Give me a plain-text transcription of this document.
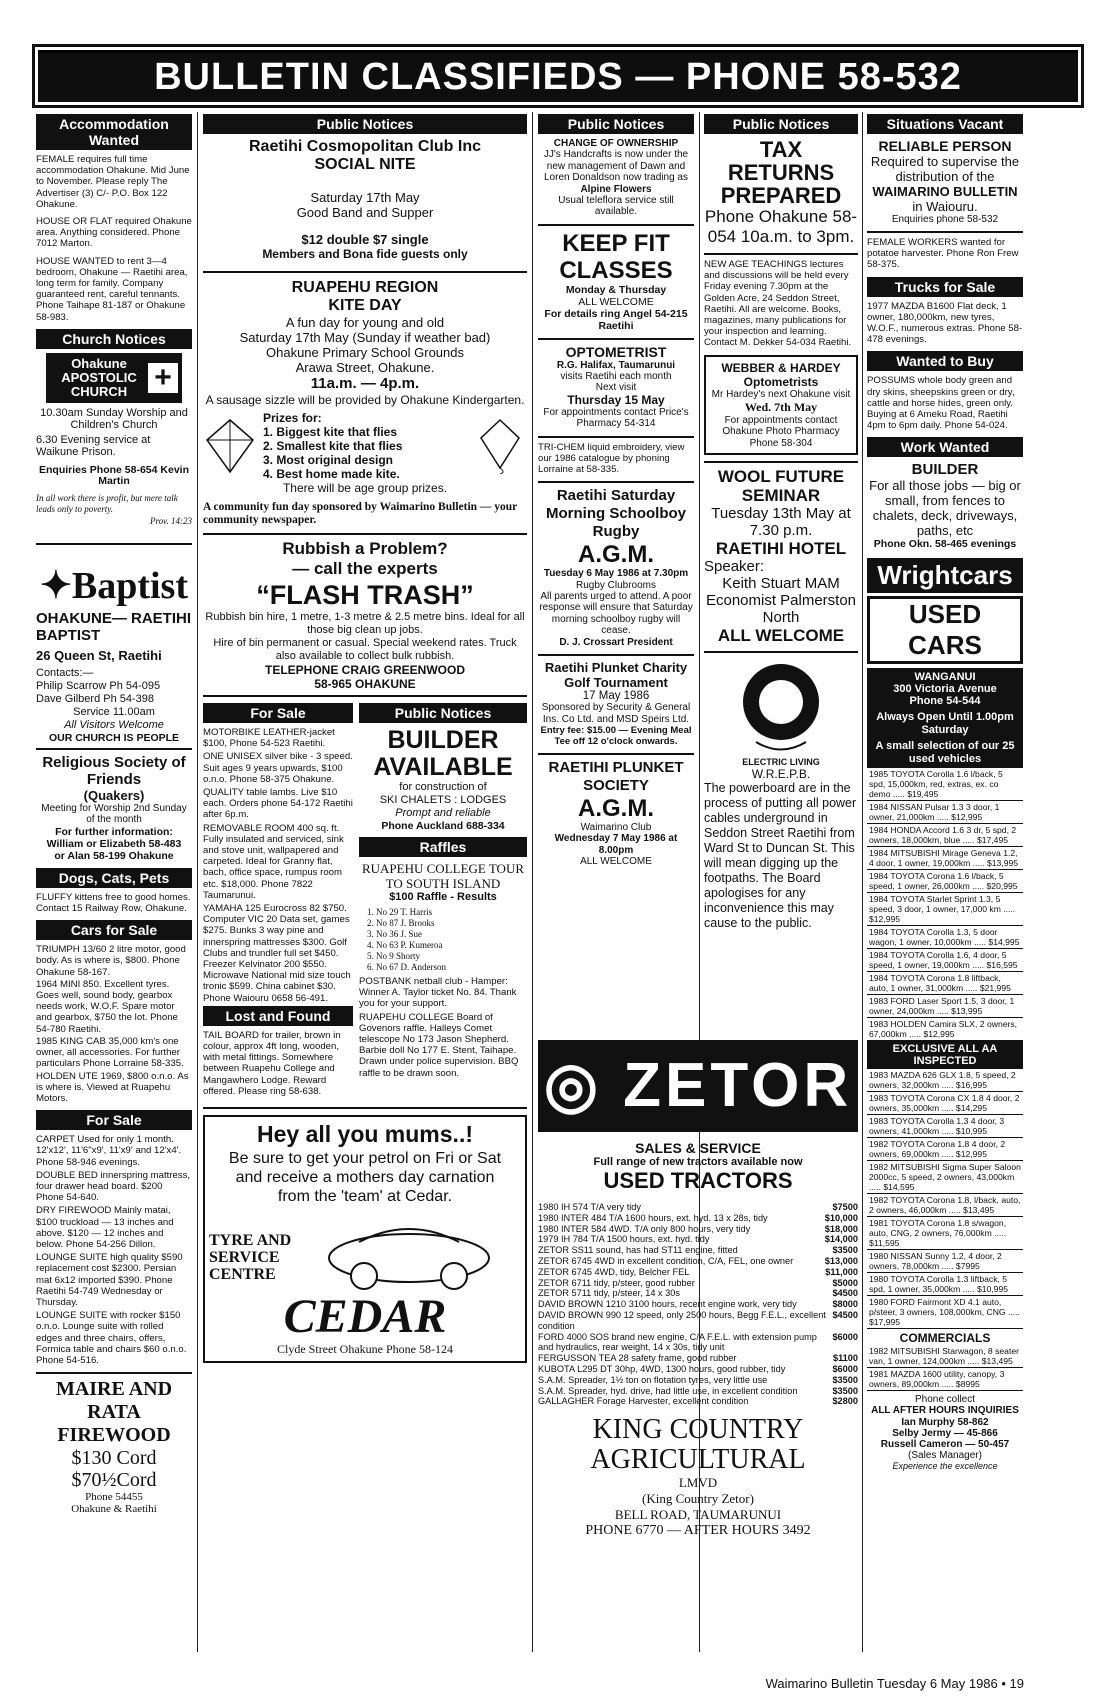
BULLETIN CLASSIFIEDS — PHONE 58-532
Accommodation Wanted
FEMALE requires full time accommodation Ohakune. Mid June to November. Please reply The Advertiser (3) C/- P.O. Box 122 Ohakune.
HOUSE OR FLAT required Ohakune area. Anything considered. Phone 7012 Marton.
HOUSE WANTED to rent 3—4 bedroom, Ohakune — Raetihi area, long term for family. Company guaranteed rent, careful tennants. Phone Taihape 81-187 or Ohakune 58-983.
Church Notices
Ohakune APOSTOLIC CHURCH +
10.30am Sunday Worship and Children's Church
6.30 Evening service at Waikune Prison.
Enquiries Phone 58-654 Kevin Martin
In all work there is profit, but mere talk leads only to poverty.
Prov. 14:23
✦Baptist
OHAKUNE— RAETIHI BAPTIST
26 Queen St, Raetihi
Contacts:—
Philip Scarrow Ph 54-095
Dave Gilberd Ph 54-398
Service 11.00am
All Visitors Welcome
OUR CHURCH IS PEOPLE
Religious Society of Friends
(Quakers)
Meeting for Worship 2nd Sunday of the month
For further information: William or Elizabeth 58-483
or Alan 58-199 Ohakune
Dogs, Cats, Pets
FLUFFY kittens free to good homes. Contact 15 Railway Row, Ohakune.
Cars for Sale
TRIUMPH 13/60 2 litre motor, good body. As is where is, $800. Phone Ohakune 58-167.
1964 MINI 850. Excellent tyres. Goes well, sound body, gearbox needs work, W.O.F. Spare motor and gearbox, $750 the lot. Phone 54-780 Raetihi.
1985 KING CAB 35,000 km's one owner, all accessories. For further particulars Phone Lorraine 58-335.
HOLDEN UTE 1969, $800 o.n.o. As is where is. Viewed at Ruapehu Motors.
For Sale
CARPET Used for only 1 month. 12'x12', 11'6"x9', 11'x9' and 12'x4'. Phone 58-946 evenings.
DOUBLE BED innerspring mattress, four drawer head board. $200 Phone 54-640.
DRY FIREWOOD Mainly matai, $100 truckload — 13 inches and above. $120 — 12 inches and below. Phone 54-256 Dillon.
LOUNGE SUITE high quality $590 replacement cost $2300. Persian mat 6x12 imported $390. Phone Raetihi 54-749 Wednesday or Thursday.
LOUNGE SUITE with rocker $150 o.n.o. Lounge suite with rolled edges and three chairs, offers, Formica table and chairs $60 o.n.o. Phone 54-516.
MAIRE AND RATA FIREWOOD
$130 Cord
$70½Cord
Phone 54455
Ohakune & Raetihi
Public Notices
Raetihi Cosmopolitan Club Inc
SOCIAL NITE
Saturday 17th May
Good Band and Supper
$12 double $7 single
Members and Bona fide guests only
RUAPEHU REGION
KITE DAY
A fun day for young and old
Saturday 17th May (Sunday if weather bad)
Ohakune Primary School Grounds
Arawa Street, Ohakune.
11a.m. — 4p.m.
A sausage sizzle will be provided by Ohakune Kindergarten.
Prizes for:
1. Biggest kite that flies
2. Smallest kite that flies
3. Most original design
4. Best home made kite.
There will be age group prizes.
A community fun day sponsored by Waimarino Bulletin — your community newspaper.
Rubbish a Problem?
— call the experts
“FLASH TRASH”
Rubbish bin hire, 1 metre, 1-3 metre & 2.5 metre bins. Ideal for all those big clean up jobs.
Hire of bin permanent or casual. Special weekend rates. Truck also available to collect bulk rubbish.
TELEPHONE CRAIG GREENWOOD
58-965 OHAKUNE
For Sale
MOTORBIKE LEATHER-jacket $100, Phone 54-523 Raetihi.
ONE UNISEX silver bike - 3 speed. Suit ages 9 years upwards, $100 o.n.o. Phone 58-375 Ohakune.
QUALITY table lambs. Live $10 each. Orders phone 54-172 Raetihi after 6p.m.
REMOVABLE ROOM 400 sq. ft. Fully insulated and serviced, sink and stove unit, wallpapered and carpeted. Ideal for Granny flat, bach, office space, rumpus room etc. $18,000. Phone 7822 Taumarunui.
YAMAHA 125 Eurocross 82 $750. Computer VIC 20 Data set, games $275. Bunks 3 way pine and innerspring mattresses $300. Golf Clubs and trundler full set $450. Freezer Kelvinator 200 $550. Microwave National mid size touch tronic $599. China cabinet $30. Phone Waiouru 0658 56-491.
Lost and Found
TAIL BOARD for trailer, brown in colour, approx 4ft long, wooden, with metal fittings. Somewhere between Ruapehu College and Mangawhero Lodge. Reward offered. Please ring 58-638.
Public Notices
BUILDER
AVAILABLE
for construction of
SKI CHALETS : LODGES
Prompt and reliable
Phone Auckland 688-334
Raffles
RUAPEHU COLLEGE TOUR TO SOUTH ISLAND
$100 Raffle - Results
1. No 29 T. Harris
2. No 87 J. Brooks
3. No 36 J. Sue
4. No 63 P. Kumeroa
5. No 9 Shorty
6. No 67 D. Anderson
POSTBANK netball club - Hamper: Winner A. Taylor ticket No. 84. Thank you for your support.
RUAPEHU COLLEGE Board of Govenors raffle. Halleys Comet telescope No 173 Jason Shepherd. Barbie doll No 177 E. Stent, Taihape. Drawn under police supervision. BBQ raffle to be drawn soon.
Hey all you mums..!
Be sure to get your petrol on Fri or Sat and receive a mothers day carnation from the 'team' at Cedar.
TYRE AND SERVICE CENTRE
CEDAR
Clyde Street Ohakune Phone 58-124
Public Notices
CHANGE OF OWNERSHIP
JJ's Handcrafts is now under the new management of Dawn and Loren Donaldson now trading as
Alpine Flowers
Usual teleflora service still available.
KEEP FIT CLASSES
Monday & Thursday
ALL WELCOME
For details ring Angel 54-215 Raetihi
OPTOMETRIST
R.G. Halifax, Taumarunui
visits Raetihi each month
Next visit
Thursday 15 May
For appointments contact Price's Pharmacy 54-314
TRI-CHEM liquid embroidery, view our 1986 catalogue by phoning Lorraine at 58-335.
Raetihi Saturday Morning Schoolboy Rugby
A.G.M.
Tuesday 6 May 1986 at 7.30pm
Rugby Clubrooms
All parents urged to attend. A poor response will ensure that Saturday morning schoolboy rugby will cease.
D. J. Crossart President
Raetihi Plunket Charity Golf Tournament
17 May 1986
Sponsored by Security & General Ins. Co Ltd. and MSD Speirs Ltd.
Entry fee: $15.00 — Evening Meal
Tee off 12 o'clock onwards.
RAETIHI PLUNKET SOCIETY
A.G.M.
Waimarino Club
Wednesday 7 May 1986 at 8.00pm
ALL WELCOME
Public Notices
TAX RETURNS PREPARED
Phone Ohakune 58-054 10a.m. to 3pm.
NEW AGE TEACHINGS lectures and discussions will be held every Friday evening 7.30pm at the Golden Acre, 24 Seddon Street, Raetihi. All are welcome. Books, magazines, many publications for your inspection and learning. Contact M. Dekker 54-034 Raetihi.
WEBBER & HARDEY
Optometrists
Mr Hardey's next Ohakune visit
Wed. 7th May
For appointments contact Ohakune Photo Pharmacy Phone 58-304
WOOL FUTURE SEMINAR
Tuesday 13th May at 7.30 p.m.
RAETIHI HOTEL
Speaker:
Keith Stuart MAM Economist Palmerston North
ALL WELCOME
ELECTRIC LIVING
W.R.E.P.B.
The powerboard are in the process of putting all power cables underground in Seddon Street Raetihi from Ward St to Duncan St. This will mean digging up the footpaths. The Board apologises for any inconvenience this may cause to the public.
◎ ZETOR
SALES & SERVICE
Full range of new tractors available now
USED TRACTORS
1980 IH 574 T/A very tidy	$7500
1980 INTER 484 T/A 1600 hours, ext. hyd. 13 x 28s, tidy	$10,000
1980 INTER 584 4WD. T/A only 800 hours, very tidy	$18,000
1979 IH 784 T/A 1500 hours, ext. hyd. tidy	$14,000
ZETOR SS11 sound, has had ST11 engine, fitted	$3500
ZETOR 6745 4WD in excellent condition, C/A, FEL, one owner	$13,000
ZETOR 6745 4WD, tidy, Belcher FEL	$11,000
ZETOR 6711 tidy, p/steer, good rubber	$5000
ZETOR 5711 tidy, p/steer, 14 x 30s	$4500
DAVID BROWN 1210 3100 hours, recent engine work, very tidy	$8000
DAVID BROWN 990 12 speed, only 2500 hours, Begg F.E.L., excellent condition
$4500
FORD 4000 SOS brand new engine, C/A F.E.L. with extension pump and hydraulics, rear weight, 14 x 30s, tidy unit
$6000
FERGUSSON TEA 28 safety frame, good rubber	$1100
KUBOTA L295 DT 30hp, 4WD, 1300 hours, good rubber, tidy	$6000
S.A.M. Spreader, 1½ ton on flotation tyres, very little use	$3500
S.A.M. Spreader, hyd. drive, had little use, in excellent condition	$3500
GALLAGHER Forage Harvester, excellent condition	$2800
KING COUNTRY AGRICULTURAL
LMVD
(King Country Zetor)
BELL ROAD, TAUMARUNUI
PHONE 6770 — AFTER HOURS 3492
Situations Vacant
RELIABLE PERSON
Required to supervise the distribution of the
WAIMARINO BULLETIN
in Waiouru.
Enquiries phone 58-532
FEMALE WORKERS wanted for potatoe harvester. Phone Ron Frew 58-375.
Trucks for Sale
1977 MAZDA B1600 Flat deck, 1 owner, 180,000km, new tyres, W.O.F., numerous extras. Phone 58-478 evenings.
Wanted to Buy
POSSUMS whole body green and dry skins, sheepskins green or dry, cattle and horse hides, green only. Buying at 6 Ameku Road, Raetihi 4pm to 6pm daily. Phone 54-024.
Work Wanted
BUILDER
For all those jobs — big or small, from fences to chalets, deck, driveways, paths, etc
Phone Okn. 58-465 evenings
Wrightcars
USED CARS
WANGANUI
300 Victoria Avenue
Phone 54-544
Always Open Until 1.00pm Saturday
A small selection of our 25 used vehicles
1985 TOYOTA Corolla 1.6 l/back, 5 spd, 15,000km, red, extras, ex. co demo ..... $19,495
1984 NISSAN Pulsar 1.3 3 door, 1 owner, 21,000km ..... $12,995
1984 HONDA Accord 1.6 3 dr, 5 spd, 2 owners, 18,000km, blue ..... $17,495
1984 MITSUBISHI Mirage Geneva 1.2, 4 door, 1 owner, 19,000km ..... $13,995
1984 TOYOTA Corona 1.6 l/back, 5 speed, 1 owner, 26,000km ..... $20,995
1984 TOYOTA Starlet Sprint 1.3, 5 speed, 3 door, 1 owner, 17,000 km ..... $12,995
1984 TOYOTA Corolla 1.3, 5 door wagon, 1 owner, 10,000km ..... $14,995
1984 TOYOTA Corolla 1.6, 4 door, 5 speed, 1 owner, 19,000km ..... $16,595
1984 TOYOTA Corona 1.8 liftback, auto, 1 owner, 31,000km ..... $21,995
1983 FORD Laser Sport 1.5, 3 door, 1 owner, 24,000km ..... $13,995
1983 HOLDEN Camira SLX, 2 owners, 67,000km ..... $12,995
EXCLUSIVE ALL AA INSPECTED
1983 MAZDA 626 GLX 1.8, 5 speed, 2 owners, 32,000km ..... $16,995
1983 TOYOTA Corona CX 1.8 4 door, 2 owners, 35,000km ..... $14,295
1983 TOYOTA Corolla 1.3 4 door, 3 owners, 41,000km ..... $10,995
1982 TOYOTA Corona 1.8 4 door, 2 owners, 69,000km ..... $12,995
1982 MITSUBISHI Sigma Super Saloon 2000cc, 5 speed, 2 owners, 43,000km ..... $14,595
1982 TOYOTA Corona 1.8, l/back, auto, 2 owners, 46,000km ..... $13,495
1981 TOYOTA Corona 1.8 s/wagon, auto, CNG, 2 owners, 76,000km ..... $11,595
1980 NISSAN Sunny 1.2, 4 door, 2 owners, 78,000km ..... $7995
1980 TOYOTA Corolla 1.3 liftback, 5 spd, 1 owner, 35,000km ..... $10,995
1980 FORD Fairmont XD 4.1 auto, p/steer, 3 owners, 108,000km, CNG ..... $17,995
COMMERCIALS
1982 MITSUBISHI Starwagon, 8 seater van, 1 owner, 124,000km ..... $13,495
1981 MAZDA 1600 utility, canopy, 3 owners, 89,000km ..... $8995
Phone collect
ALL AFTER HOURS INQUIRIES
Ian Murphy 58-862
Selby Jermy — 45-866
Russell Cameron — 50-457
(Sales Manager)
Experience the excellence
Waimarino Bulletin Tuesday 6 May 1986 • 19
